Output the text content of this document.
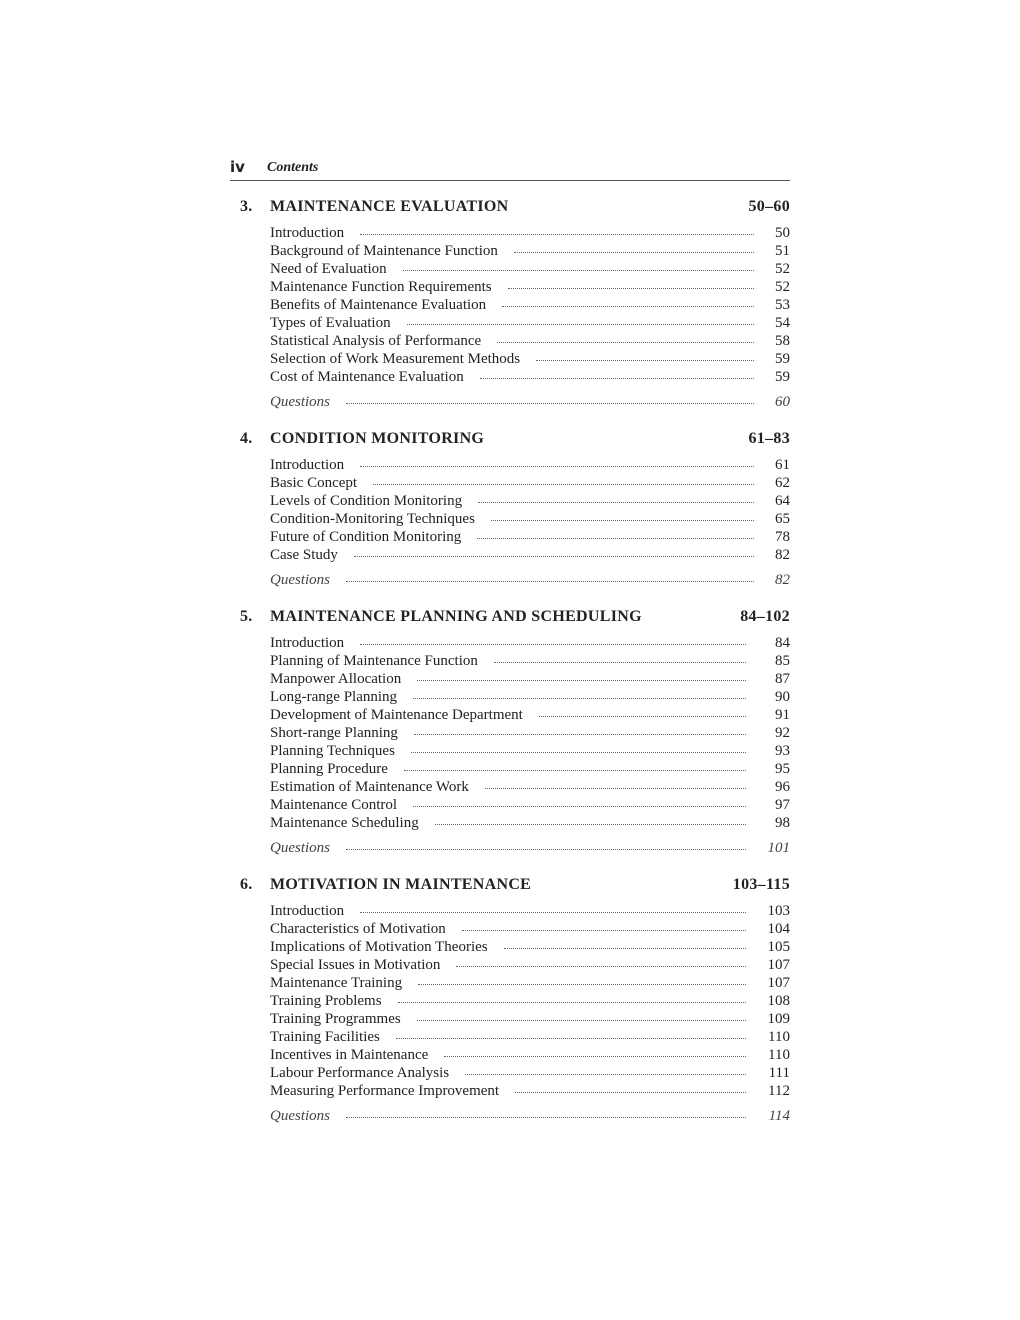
iv Contents
3. MAINTENANCE EVALUATION	50–60
Introduction	50
Background of Maintenance Function	51
Need of Evaluation	52
Maintenance Function Requirements	52
Benefits of Maintenance Evaluation	53
Types of Evaluation	54
Statistical Analysis of Performance	58
Selection of Work Measurement Methods	59
Cost of Maintenance Evaluation	59
Questions	60
4. CONDITION MONITORING	61–83
Introduction	61
Basic Concept	62
Levels of Condition Monitoring	64
Condition-Monitoring Techniques	65
Future of Condition Monitoring	78
Case Study	82
Questions	82
5. MAINTENANCE PLANNING AND SCHEDULING	84–102
Introduction	84
Planning of Maintenance Function	85
Manpower Allocation	87
Long-range Planning	90
Development of Maintenance Department	91
Short-range Planning	92
Planning Techniques	93
Planning Procedure	95
Estimation of Maintenance Work	96
Maintenance Control	97
Maintenance Scheduling	98
Questions	101
6. MOTIVATION IN MAINTENANCE	103–115
Introduction	103
Characteristics of Motivation	104
Implications of Motivation Theories	105
Special Issues in Motivation	107
Maintenance Training	107
Training Problems	108
Training Programmes	109
Training Facilities	110
Incentives in Maintenance	110
Labour Performance Analysis	111
Measuring Performance Improvement	112
Questions	114
